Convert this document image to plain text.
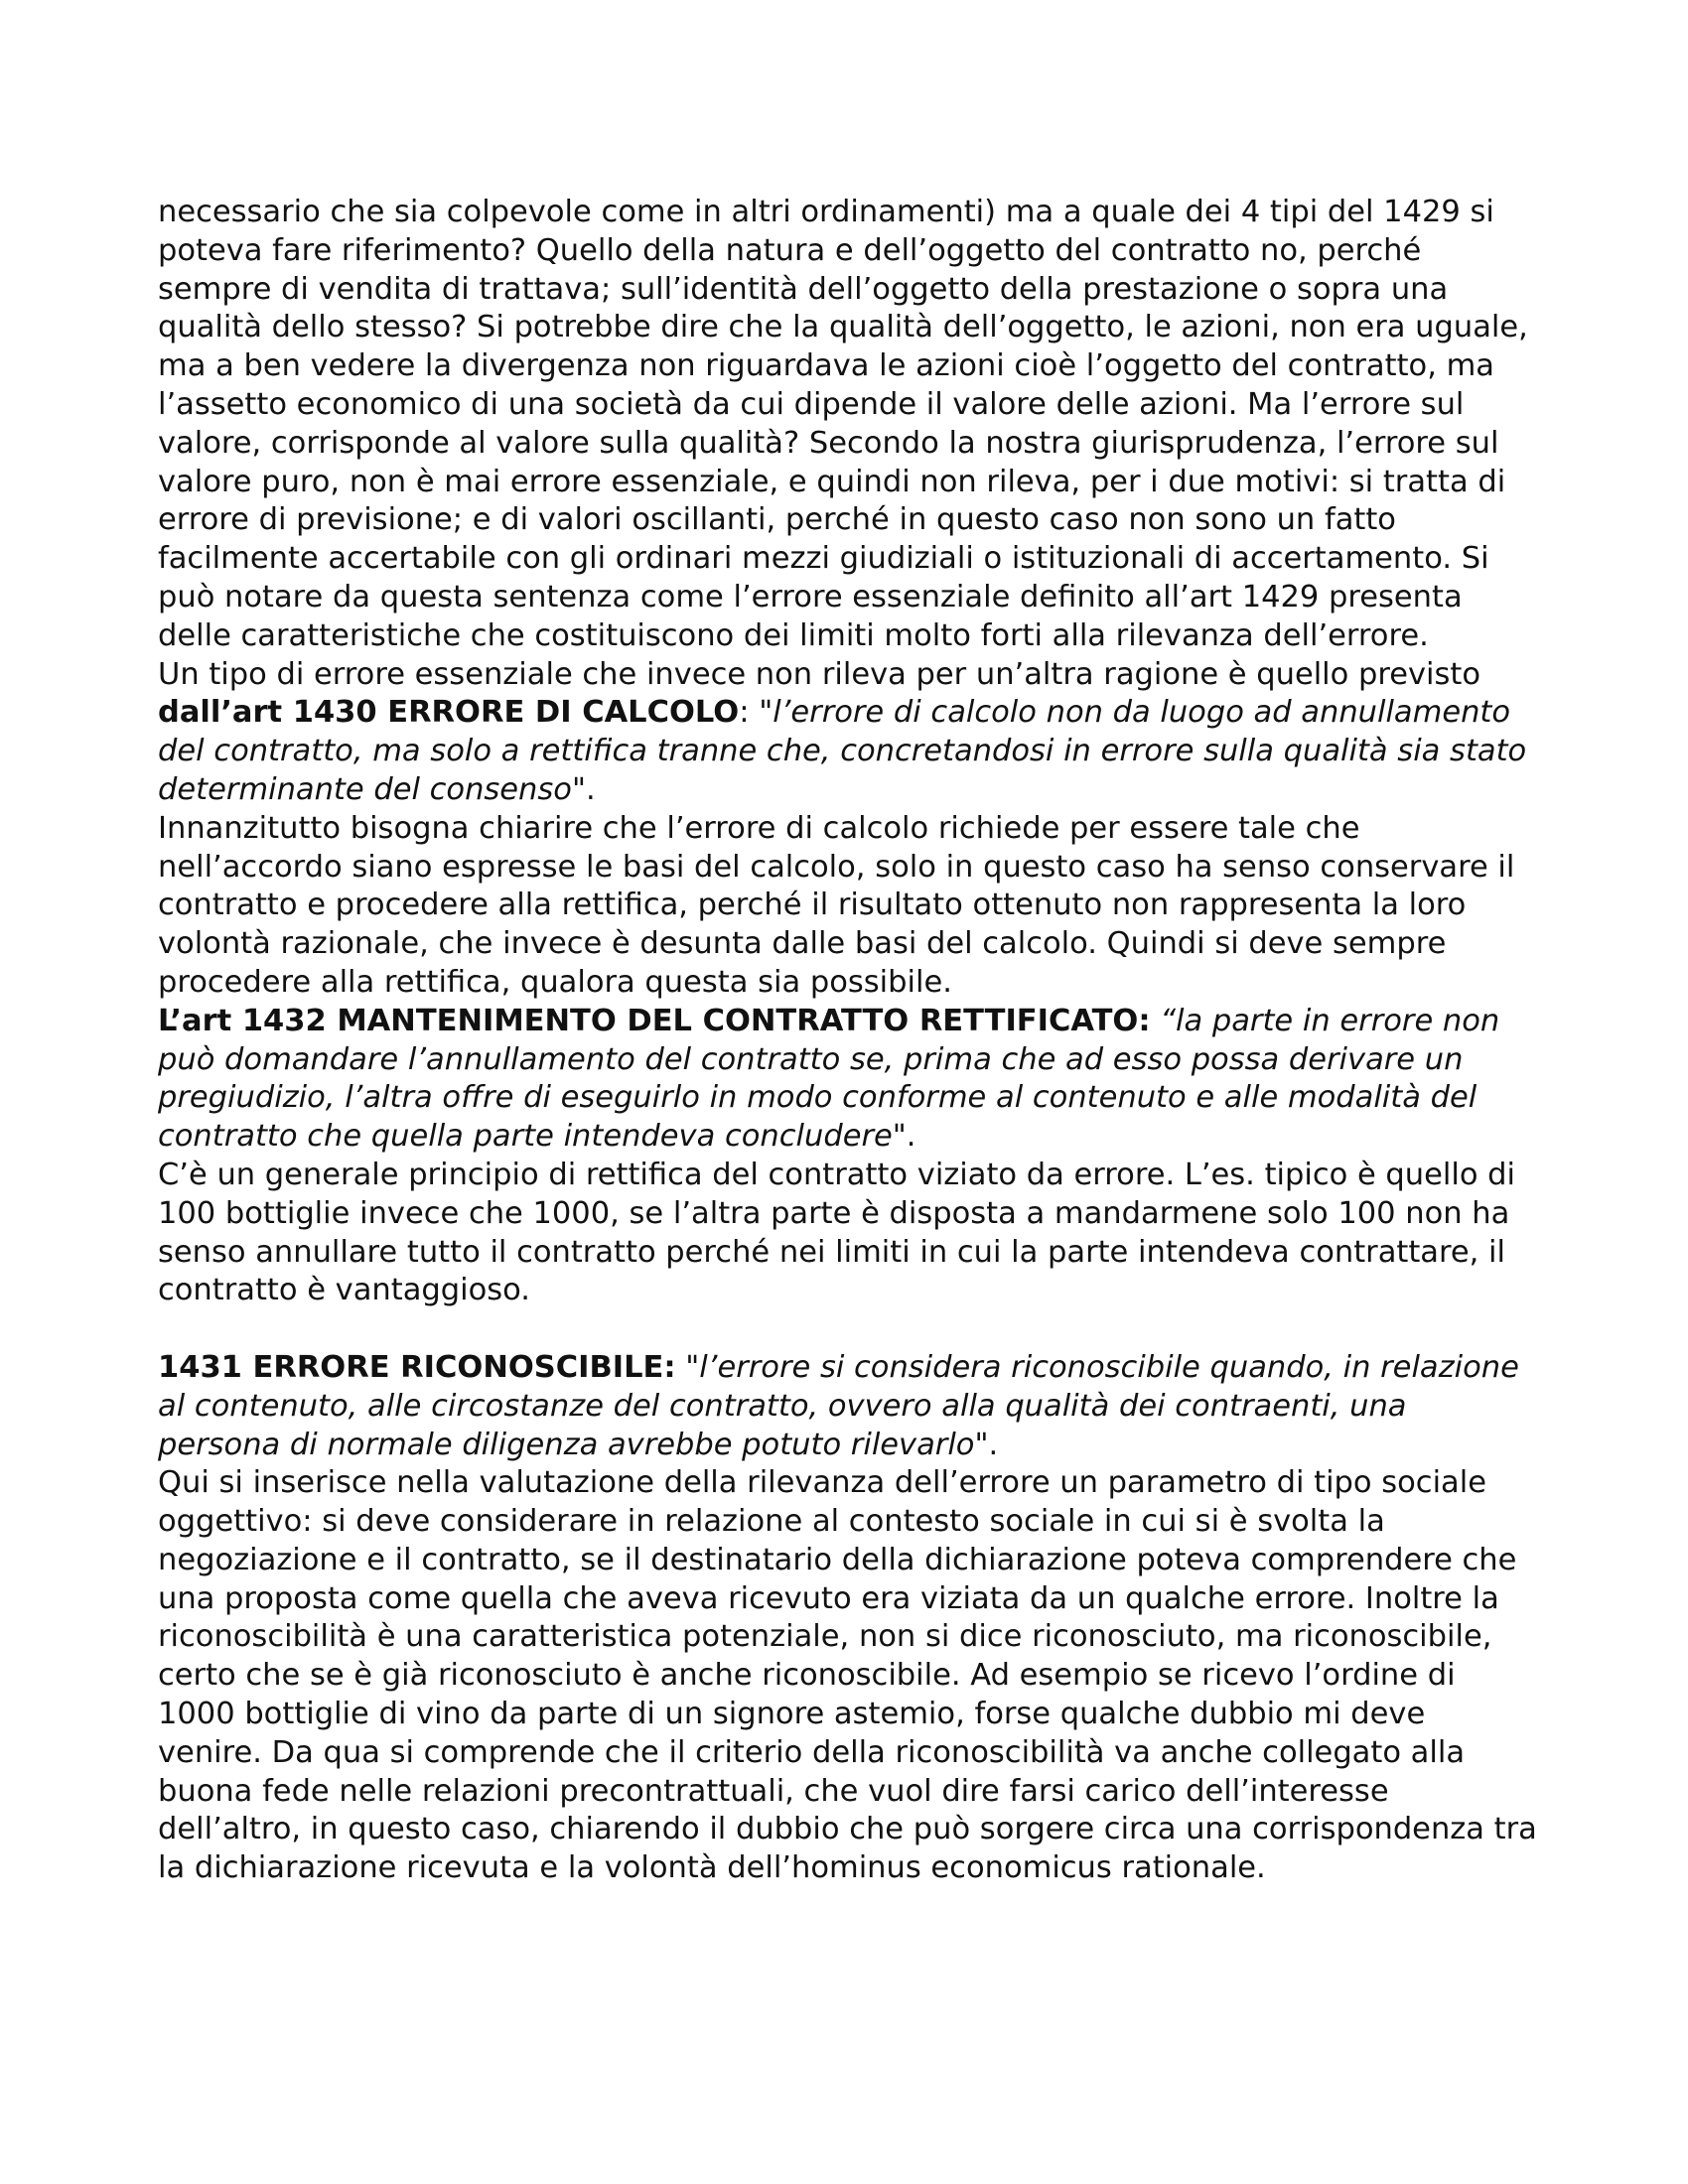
necessario che sia colpevole come in altri ordinamenti) ma a quale dei 4 tipi del 1429 si poteva fare riferimento? Quello della natura e dell’oggetto del contratto no, perché sempre di vendita di trattava; sull’identità dell’oggetto della prestazione o sopra una qualità dello stesso? Si potrebbe dire che la qualità dell’oggetto, le azioni, non era uguale, ma a ben vedere la divergenza non riguardava le azioni cioè l’oggetto del contratto, ma l’assetto economico di una società da cui dipende il valore delle azioni. Ma l’errore sul valore, corrisponde al valore sulla qualità? Secondo la nostra giurisprudenza, l’errore sul valore puro, non è mai errore essenziale, e quindi non rileva, per i due motivi: si tratta di errore di previsione; e di valori oscillanti, perché in questo caso non sono un fatto facilmente accertabile con gli ordinari mezzi giudiziali o istituzionali di accertamento. Si può notare da questa sentenza come l’errore essenziale definito all’art 1429 presenta delle caratteristiche che costituiscono dei limiti molto forti alla rilevanza dell’errore.

Un tipo di errore essenziale che invece non rileva per un’altra ragione è quello previsto dall’art 1430 ERRORE DI CALCOLO: "l’errore di calcolo non da luogo ad annullamento del contratto, ma solo a rettifica tranne che, concretandosi in errore sulla qualità sia stato determinante del consenso".

Innanzitutto bisogna chiarire che l’errore di calcolo richiede per essere tale che nell’accordo siano espresse le basi del calcolo, solo in questo caso ha senso conservare il contratto e procedere alla rettifica, perché il risultato ottenuto non rappresenta la loro volontà razionale, che invece è desunta dalle basi del calcolo. Quindi si deve sempre procedere alla rettifica, qualora questa sia possibile.

L’art 1432 MANTENIMENTO DEL CONTRATTO RETTIFICATO: “la parte in errore non può domandare l’annullamento del contratto se, prima che ad esso possa derivare un pregiudizio, l’altra offre di eseguirlo in modo conforme al contenuto e alle modalità del contratto che quella parte intendeva concludere".

C’è un generale principio di rettifica del contratto viziato da errore. L’es. tipico è quello di 100 bottiglie invece che 1000, se l’altra parte è disposta a mandarmene solo 100 non ha senso annullare tutto il contratto perché nei limiti in cui la parte intendeva contrattare, il contratto è vantaggioso.

1431 ERRORE RICONOSCIBILE: "l’errore si considera riconoscibile quando, in relazione al contenuto, alle circostanze del contratto, ovvero alla qualità dei contraenti, una persona di normale diligenza avrebbe potuto rilevarlo".

Qui si inserisce nella valutazione della rilevanza dell’errore un parametro di tipo sociale oggettivo: si deve considerare in relazione al contesto sociale in cui si è svolta la negoziazione e il contratto, se il destinatario della dichiarazione poteva comprendere che una proposta come quella che aveva ricevuto era viziata da un qualche errore. Inoltre la riconoscibilità è una caratteristica potenziale, non si dice riconosciuto, ma riconoscibile, certo che se è già riconosciuto è anche riconoscibile. Ad esempio se ricevo l’ordine di 1000 bottiglie di vino da parte di un signore astemio, forse qualche dubbio mi deve venire. Da qua si comprende che il criterio della riconoscibilità va anche collegato alla buona fede nelle relazioni precontrattuali, che vuol dire farsi carico dell’interesse dell’altro, in questo caso, chiarendo il dubbio che può sorgere circa una corrispondenza tra la dichiarazione ricevuta e la volontà dell’hominus economicus rationale.
